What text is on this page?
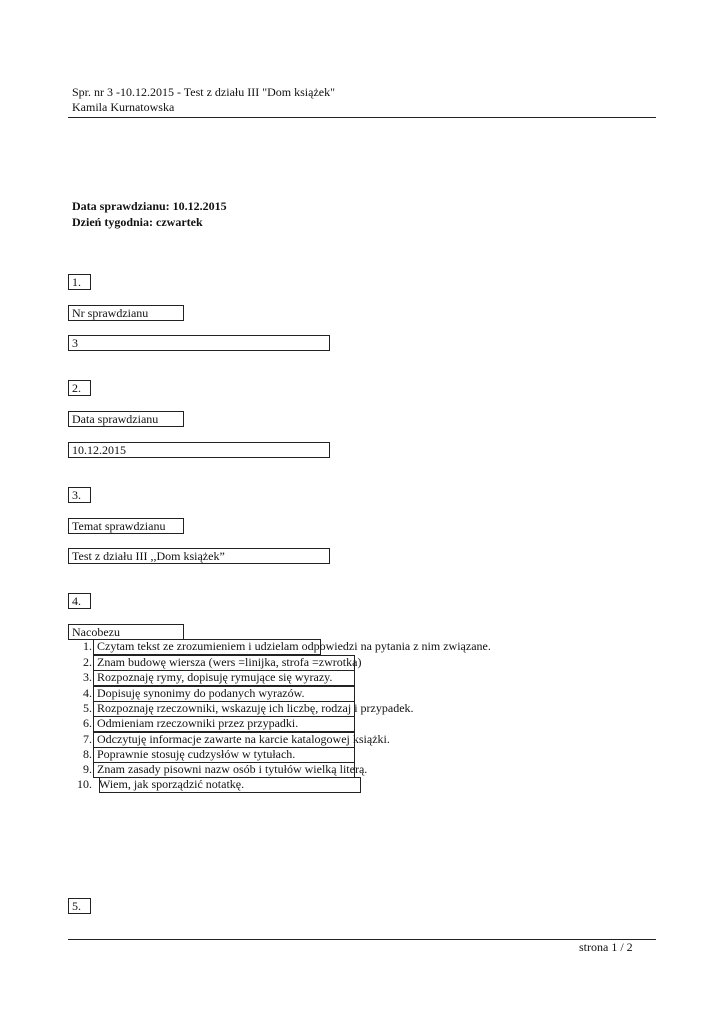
Spr. nr 3 -10.12.2015 - Test z działu III "Dom książek"
Kamila Kurnatowska
Data sprawdzianu: 10.12.2015
Dzień tygodnia: czwartek
1.
Nr sprawdzianu
3
2.
Data sprawdzianu
10.12.2015
3.
Temat sprawdzianu
Test z działu III ,,Dom książek”
4.
Nacobezu
1. Czytam tekst ze zrozumieniem i udzielam odpowiedzi na pytania z nim związane.
2. Znam budowę wiersza (wers =linijka, strofa =zwrotka)
3. Rozpoznaję rymy, dopisuję rymujące się wyrazy.
4. Dopisuję synonimy do podanych wyrazów.
5. Rozpoznaję rzeczowniki, wskazuję ich liczbę, rodzaj i przypadek.
6. Odmieniam rzeczowniki przez przypadki.
7. Odczytuję informacje zawarte na karcie katalogowej książki.
8. Poprawnie stosuję cudzysłów w tytułach.
9. Znam zasady pisowni nazw osób i tytułów wielką literą.
10. Wiem, jak sporządzić notatkę.
5.
strona 1 / 2
